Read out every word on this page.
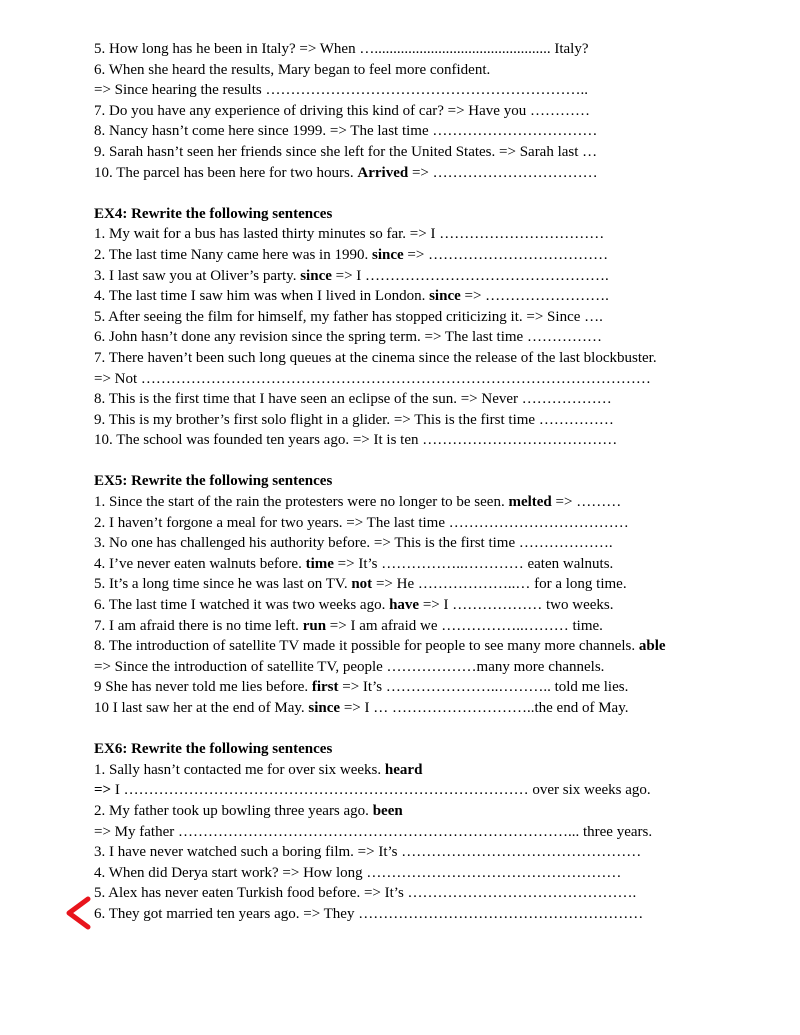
5. How long has he been in Italy? => When …............................................... Italy?
6. When she heard the results, Mary began to feel more confident.
=> Since hearing the results ………………………………………………………..
7. Do you have any experience of driving this kind of car? => Have you …………
8. Nancy hasn’t come here since 1999. => The last time ……………………………
9. Sarah hasn’t seen her friends since she left for the United States. => Sarah last …
10. The parcel has been here for two hours. Arrived => ……………………………
EX4: Rewrite the following sentences
1. My wait for a bus has lasted thirty minutes so far. => I ……………………………
2. The last time Nany came here was in 1990. since => ………………………………
3. I last saw you at Oliver’s party. since => I ………………………………………….
4. The last time I saw him was when I lived in London. since => …………………….
5. After seeing the film for himself, my father has stopped criticizing it. => Since ….
6. John hasn’t done any revision since the spring term. => The last time ……………
7. There haven’t been such long queues at the cinema since the release of the last blockbuster.
=> Not …………………………………………………………………………………………
8. This is the first time that I have seen an eclipse of the sun. => Never ………………
9. This is my brother’s first solo flight in a glider. => This is the first time ……………
10. The school was founded ten years ago. => It is ten …………………………………
EX5: Rewrite the following sentences
1. Since the start of the rain the protesters were no longer to be seen. melted => ………
2. I haven’t forgone a meal for two years. => The last time ………………………………
3. No one has challenged his authority before. => This is the first time ……………….
4. I’ve never eaten walnuts before. time => It’s ……………..………… eaten walnuts.
5. It’s a long time since he was last on TV. not => He ………………..… for a long time.
6. The last time I watched it was two weeks ago. have => I ……………… two weeks.
7. I am afraid there is no time left. run => I am afraid we ……………..……… time.
8. The introduction of satellite TV made it possible for people to see many more channels. able
=> Since the introduction of satellite TV, people ………………many more channels.
9 She has never told me lies before. first => It’s …………………..……….. told me lies.
10 I last saw her at the end of May. since => I … ………………………..the end of May.
EX6: Rewrite the following sentences
1. Sally hasn’t contacted me for over six weeks. heard
=> I ……………………………………………………………………… over six weeks ago.
2. My father took up bowling three years ago. been
=> My father ……………………………………………………………………... three years.
3. I have never watched such a boring film. => It’s …………………………………………
4. When did Derya start work? => How long ……………………………………………
5. Alex has never eaten Turkish food before. => It’s ……………………………………….
6. They got married ten years ago. => They …………………………………………………
